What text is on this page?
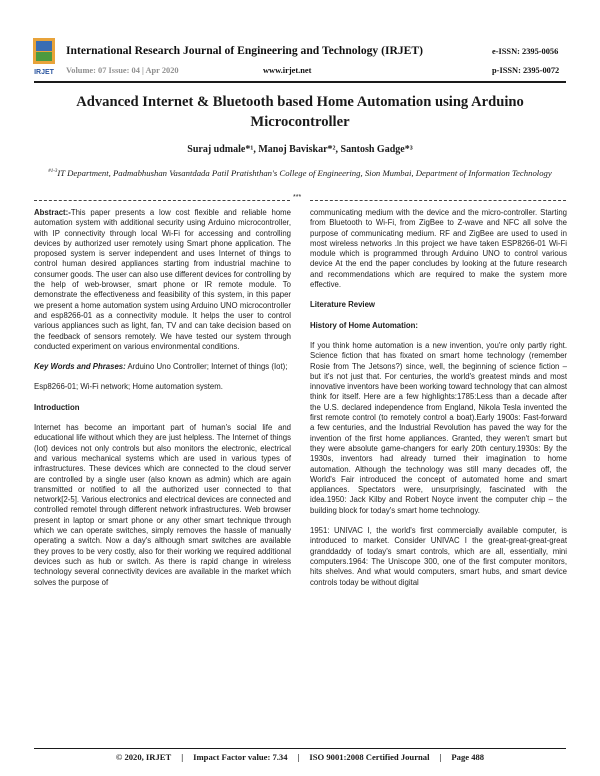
IRJET
International Research Journal of Engineering and Technology (IRJET)
Volume: 07 Issue: 04 | Apr 2020	www.irjet.net
e-ISSN: 2395-0056
p-ISSN: 2395-0072
Advanced Internet & Bluetooth based Home Automation using Arduino Microcontroller
Suraj udmale*¹, Manoj Baviskar*², Santosh Gadge*³
$^{\#1-3}$IT Department, Padmabhushan Vasantdada Patil Pratishthan's College of Engineering, Sion Mumbai, Department of Information Technology
***

Abstract:-This paper presents a low cost flexible and reliable home automation system with additional security using Arduino microcontroller, with IP connectivity through local Wi-Fi for accessing and controlling devices by authorized user remotely using Smart phone application. The proposed system is server independent and uses Internet of things to control human desired appliances starting from industrial machine to consumer goods. The user can also use different devices for controlling by the help of web-browser, smart phone or IR remote module. To demonstrate the effectiveness and feasibility of this system, in this paper we present a home automation system using Arduino UNO microcontroller and esp8266-01 as a connectivity module. It helps the user to control various appliances such as light, fan, TV and can take decision based on the feedback of sensors remotely. We have tested our system through conducted experiment on various environmental conditions.

Key Words and Phrases: Arduino Uno Controller; Internet of things (Iot);

Esp8266-01; Wi-Fi network; Home automation system.

Introduction

Internet has become an important part of human's social life and educational life without which they are just helpless. The Internet of things (Iot) devices not only controls but also monitors the electronic, electrical and various mechanical systems which are used in various types of infrastructures. These devices which are connected to the cloud server are controlled by a single user (also known as admin) which are again transmitted or notified to all the authorized user connected to that network[2-5]. Various electronics and electrical devices are connected and controlled remotel through different network infrastructures. Web browser present in laptop or smart phone or any other smart technique through which we can operate switches, simply removes the hassle of manually operating a switch. Now a day's although smart switches are available they proves to be very costly, also for their working we required additional devices such as hub or switch. As there is rapid change in wireless technology several connectivity devices are available in the market which solves the purpose of

communicating medium with the device and the micro-controller. Starting from Bluetooth to Wi-Fi, from ZigBee to Z-wave and NFC all solve the purpose of communicating medium. RF and ZigBee are used to used in most wireless networks .In this project we have taken ESP8266-01 Wi-Fi module which is programmed through Arduino UNO to control various device At the end the paper concludes by looking at the future research and recommendations which are required to make the system more effective.

Literature Review
History of Home Automation:

If you think home automation is a new invention, you're only partly right. Science fiction that has fixated on smart home technology (remember Rosie from The Jetsons?) since, well, the beginning of science fiction – but it's not just that. For centuries, the world's greatest minds and most innovative inventors have been working toward technology that can almost think for itself. Here are a few highlights:1785:Less than a decade after the U.S. declared independence from England, Nikola Tesla invented the first remote control (to remotely control a boat).Early 1900s: Fast-forward a few centuries, and the Industrial Revolution has paved the way for the invention of the first home appliances. Granted, they weren't smart but they were absolute game-changers for early 20th century.1930s: By the 1930s, inventors had already turned their imagination to home automation. Although the technology was still many decades off, the World's Fair introduced the concept of automated home and smart appliances. Spectators were, unsurprisingly, fascinated with the idea.1950: Jack Kilby and Robert Noyce invent the computer chip – the building block for today's smart home technology.

1951: UNIVAC I, the world's first commercially available computer, is introduced to market. Consider UNIVAC I the great-great-great-great granddaddy of today's smart controls, which are all, essentially, mini computers.1964: The Uniscope 300, one of the first computer monitors, hits shelves. And what would computers, smart hubs, and smart device controls today be without digital

© 2020, IRJET | Impact Factor value: 7.34 | ISO 9001:2008 Certified Journal | Page 488
